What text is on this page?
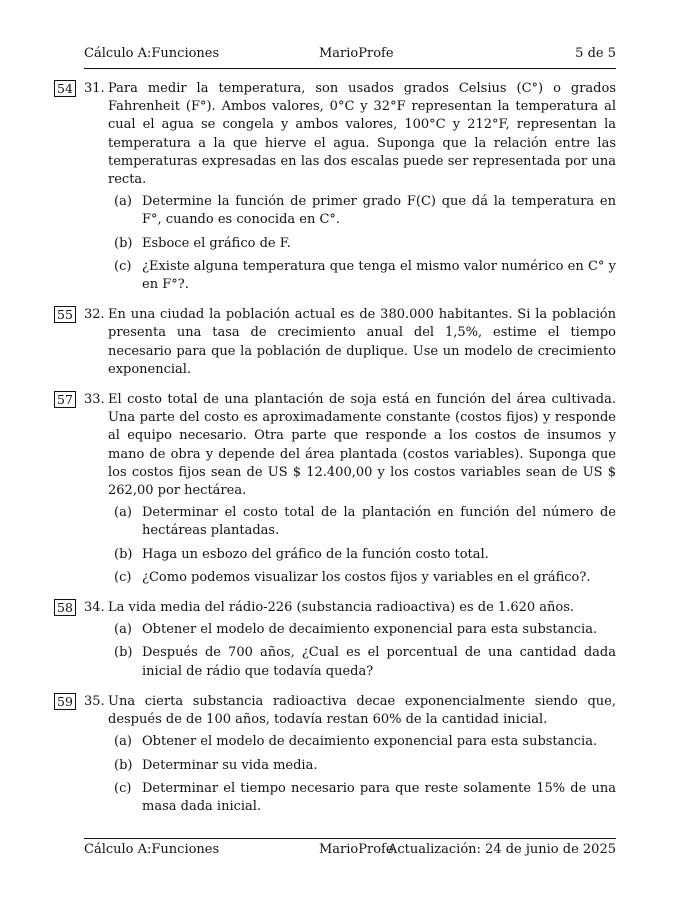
Cálculo A:Funciones	MarioProfe	5 de 5
54 31. Para medir la temperatura, son usados grados Celsius (C°) o grados Fahrenheit (F°). Ambos valores, 0°C y 32°F representan la temperatura al cual el agua se congela y ambos valores, 100°C y 212°F, representan la temperatura a la que hierve el agua. Suponga que la relación entre las temperaturas expresadas en las dos escalas puede ser representada por una recta.
(a) Determine la función de primer grado F(C) que dá la temperatura en F°, cuando es conocida en C°.
(b) Esboce el gráfico de F.
(c) ¿Existe alguna temperatura que tenga el mismo valor numérico en C° y en F°?.
55 32. En una ciudad la población actual es de 380.000 habitantes. Si la población presenta una tasa de crecimiento anual del 1,5%, estime el tiempo necesario para que la población de duplique. Use un modelo de crecimiento exponencial.
57 33. El costo total de una plantación de soja está en función del área cultivada. Una parte del costo es aproximadamente constante (costos fijos) y responde al equipo necesario. Otra parte que responde a los costos de insumos y mano de obra y depende del área plantada (costos variables). Suponga que los costos fijos sean de US $ 12.400,00 y los costos variables sean de US $ 262,00 por hectárea.
(a) Determinar el costo total de la plantación en función del número de hectáreas plantadas.
(b) Haga un esbozo del gráfico de la función costo total.
(c) ¿Como podemos visualizar los costos fijos y variables en el gráfico?.
58 34. La vida media del rádio-226 (substancia radioactiva) es de 1.620 años.
(a) Obtener el modelo de decaimiento exponencial para esta substancia.
(b) Después de 700 años, ¿Cual es el porcentual de una cantidad dada inicial de rádio que todavía queda?
59 35. Una cierta substancia radioactiva decae exponencialmente siendo que, después de de 100 años, todavía restan 60% de la cantidad inicial.
(a) Obtener el modelo de decaimiento exponencial para esta substancia.
(b) Determinar su vida media.
(c) Determinar el tiempo necesario para que reste solamente 15% de una masa dada inicial.
Cálculo A:Funciones	MarioProfe
Actualización: 24 de junio de 2025
